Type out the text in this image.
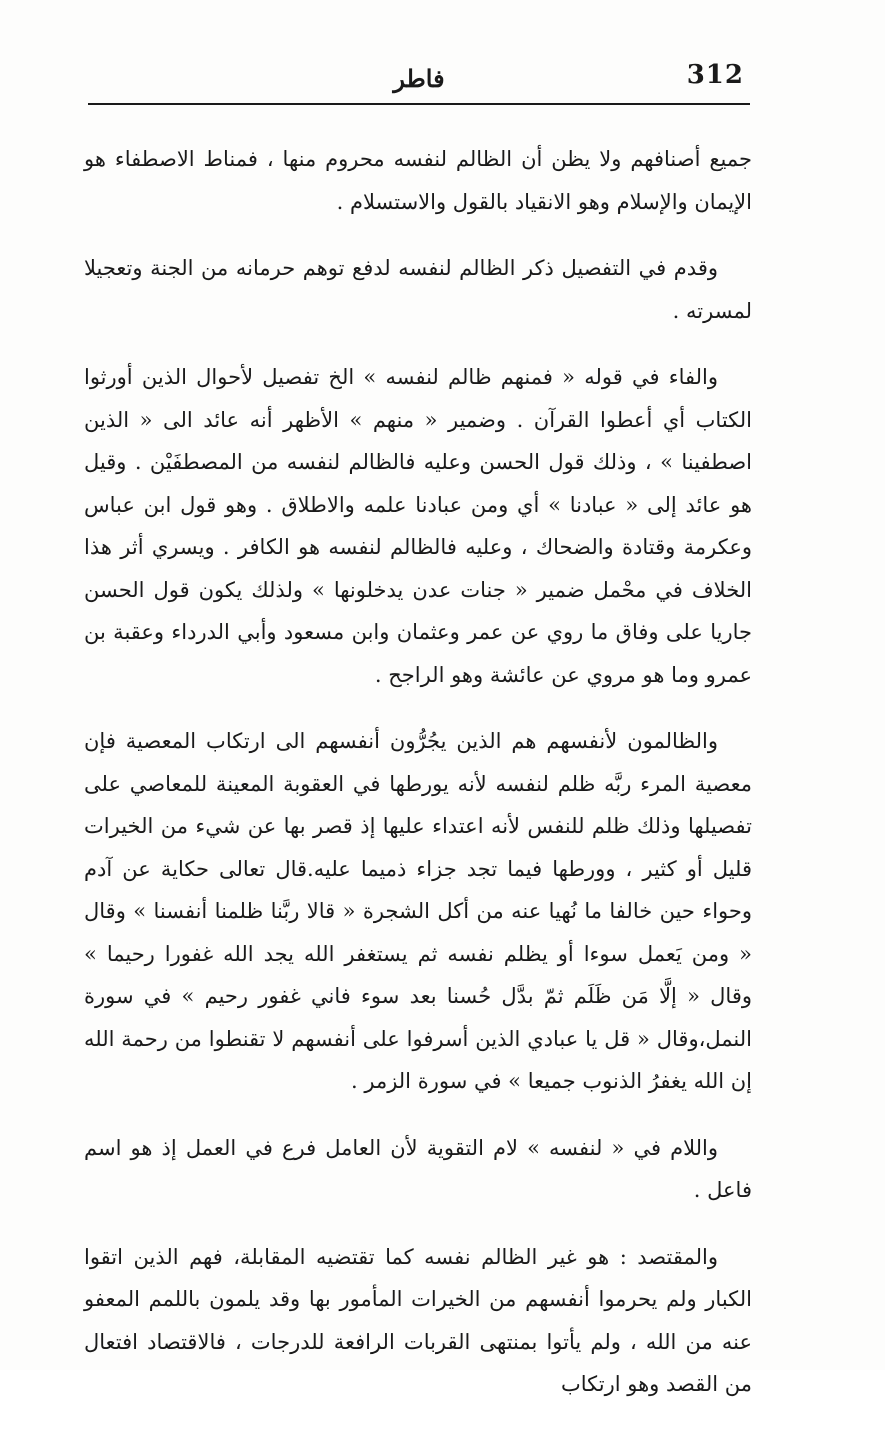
312
فاطر

جميع أصنافهم ولا يظن أن الظالم لنفسه محروم منها ، فمناط الاصطفاء هو الإيمان والإسلام وهو الانقياد بالقول والاستسلام .

وقدم في التفصيل ذكر الظالم لنفسه لدفع توهم حرمانه من الجنة وتعجيلا لمسرته .

والفاء في قوله « فمنهم ظالم لنفسه » الخ تفصيل لأحوال الذين أورثوا الكتاب أي أعطوا القرآن . وضمير « منهم » الأظهر أنه عائد الى « الذين اصطفينا » ، وذلك قول الحسن وعليه فالظالم لنفسه من المصطفَيْن . وقيل هو عائد إلى « عبادنا » أي ومن عبادنا علمه والاطلاق . وهو قول ابن عباس وعكرمة وقتادة والضحاك ، وعليه فالظالم لنفسه هو الكافر . ويسري أثر هذا الخلاف في محْمل ضمير « جنات عدن يدخلونها » ولذلك يكون قول الحسن جاريا على وفاق ما روي عن عمر وعثمان وابن مسعود وأبي الدرداء وعقبة بن عمرو وما هو مروي عن عائشة وهو الراجح .

والظالمون لأنفسهم هم الذين يجُرُّون أنفسهم الى ارتكاب المعصية فإن معصية المرء ربَّه ظلم لنفسه لأنه يورطها في العقوبة المعينة للمعاصي على تفصيلها وذلك ظلم للنفس لأنه اعتداء عليها إذ قصر بها عن شيء من الخيرات قليل أو كثير ، وورطها فيما تجد جزاء ذميما عليه.قال تعالى حكاية عن آدم وحواء حين خالفا ما نُهيا عنه من أكل الشجرة « قالا ربَّنا ظلمنا أنفسنا » وقال « ومن يَعمل سوءا أو يظلم نفسه ثم يستغفر الله يجد الله غفورا رحيما » وقال « إلَّا مَن ظَلَم ثمّ بدَّل حُسنا بعد سوء فاني غفور رحيم » في سورة النمل،وقال « قل يا عبادي الذين أسرفوا على أنفسهم لا تقنطوا من رحمة الله إن الله يغفرُ الذنوب جميعا » في سورة الزمر .

واللام في « لنفسه » لام التقوية لأن العامل فرع في العمل إذ هو اسم فاعل .

والمقتصد : هو غير الظالم نفسه كما تقتضيه المقابلة، فهم الذين اتقوا الكبار ولم يحرموا أنفسهم من الخيرات المأمور بها وقد يلمون باللمم المعفو عنه من الله ، ولم يأتوا بمنتهى القربات الرافعة للدرجات ، فالاقتصاد افتعال من القصد وهو ارتكاب
